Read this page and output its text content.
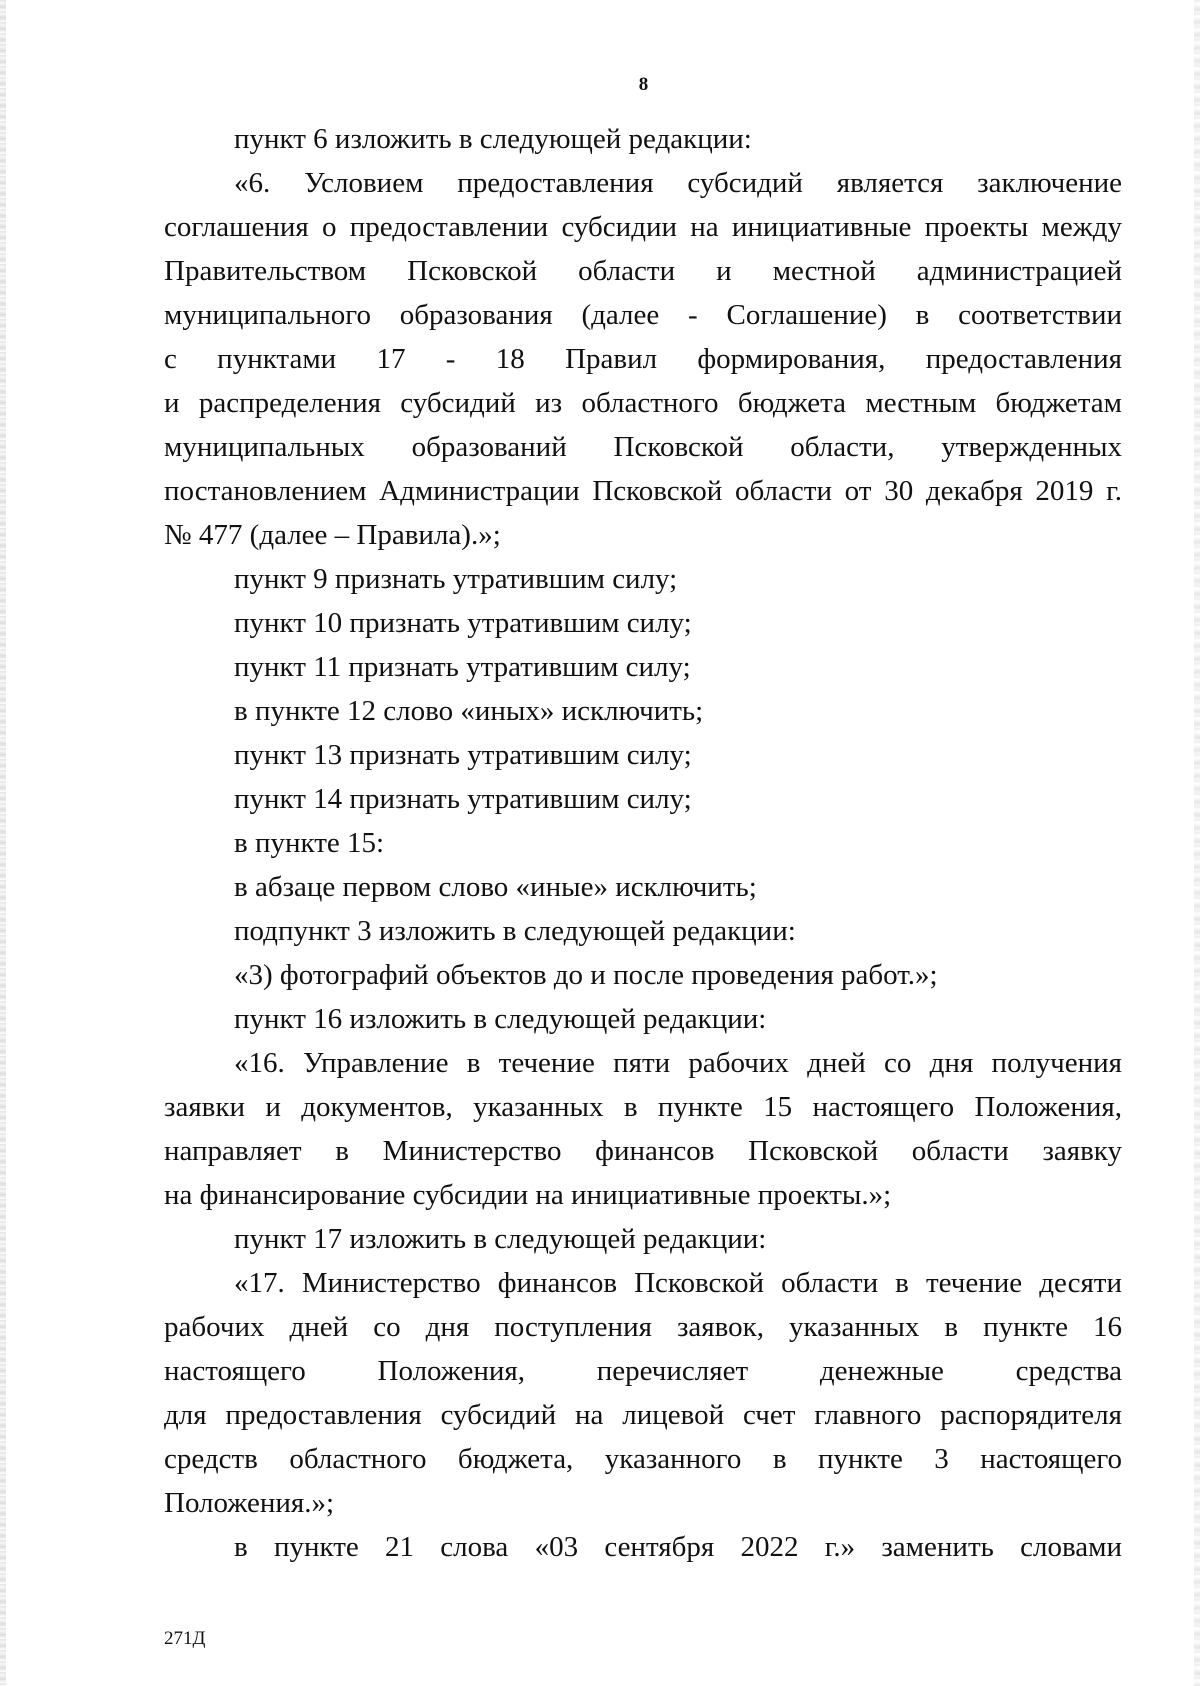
8
пункт 6 изложить в следующей редакции:
«6. Условием предоставления субсидий является заключение
соглашения о предоставлении субсидии на инициативные проекты между
Правительством Псковской области и местной администрацией
муниципального образования (далее - Соглашение) в соответствии
с пунктами 17 - 18 Правил формирования, предоставления
и распределения субсидий из областного бюджета местным бюджетам
муниципальных образований Псковской области, утвержденных
постановлением Администрации Псковской области от 30 декабря 2019 г.
№ 477 (далее – Правила).»;
пункт 9 признать утратившим силу;
пункт 10 признать утратившим силу;
пункт 11 признать утратившим силу;
в пункте 12 слово «иных» исключить;
пункт 13 признать утратившим силу;
пункт 14 признать утратившим силу;
в пункте 15:
в абзаце первом слово «иные» исключить;
подпункт 3 изложить в следующей редакции:
«3) фотографий объектов до и после проведения работ.»;
пункт 16 изложить в следующей редакции:
«16. Управление в течение пяти рабочих дней со дня получения
заявки и документов, указанных в пункте 15 настоящего Положения,
направляет в Министерство финансов Псковской области заявку
на финансирование субсидии на инициативные проекты.»;
пункт 17 изложить в следующей редакции:
«17. Министерство финансов Псковской области в течение десяти
рабочих дней со дня поступления заявок, указанных в пункте 16
настоящего Положения, перечисляет денежные средства
для предоставления субсидий на лицевой счет главного распорядителя
средств областного бюджета, указанного в пункте 3 настоящего
Положения.»;
в пункте 21 слова «03 сентября 2022 г.» заменить словами
271Д
